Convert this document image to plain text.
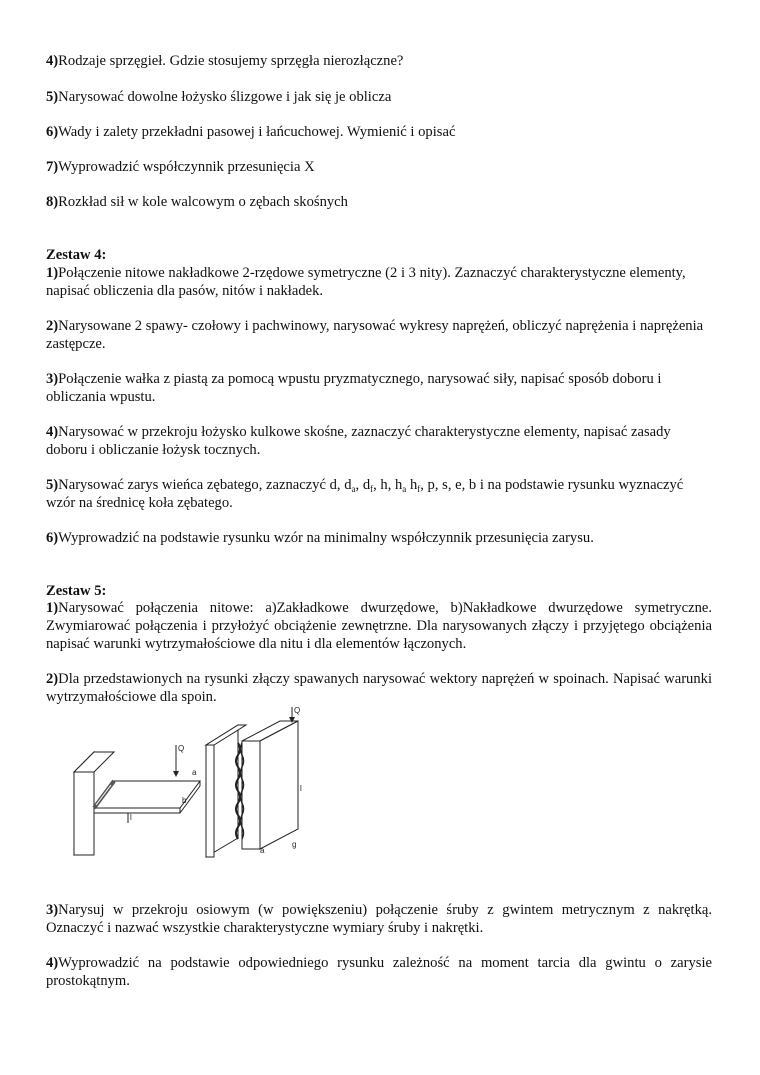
4)Rodzaje sprzęgieł. Gdzie stosujemy sprzęgła nierozłączne?

5)Narysować dowolne łożysko ślizgowe i jak się je oblicza

6)Wady i zalety przekładni pasowej i łańcuchowej. Wymienić i opisać

7)Wyprowadzić współczynnik przesunięcia X

8)Rozkład sił w kole walcowym o zębach skośnych

Zestaw 4:

1)Połączenie nitowe nakładkowe 2-rzędowe symetryczne (2 i 3 nity). Zaznaczyć charakterystyczne elementy, napisać obliczenia dla pasów, nitów i nakładek.

2)Narysowane 2 spawy- czołowy i pachwinowy, narysować wykresy naprężeń, obliczyć naprężenia i naprężenia zastępcze.

3)Połączenie wałka z piastą za pomocą wpustu pryzmatycznego, narysować siły, napisać sposób doboru i obliczania wpustu.

4)Narysować w przekroju łożysko kulkowe skośne, zaznaczyć charakterystyczne elementy, napisać zasady doboru i obliczanie łożysk tocznych.

5)Narysować zarys wieńca zębatego, zaznaczyć d, $d_a$, $d_f$, h, $h_a$ $h_f$, p, s, e, b i na podstawie rysunku wyznaczyć wzór na średnicę koła zębatego.

6)Wyprowadzić na podstawie rysunku wzór na minimalny współczynnik przesunięcia zarysu.

Zestaw 5:

1)Narysować połączenia nitowe: a)Zakładkowe dwurzędowe, b)Nakładkowe dwurzędowe symetryczne. Zwymiarować połączenia i przyłożyć obciążenie zewnętrzne. Dla narysowanych złączy i przyjętego obciążenia napisać warunki wytrzymałościowe dla nitu i dla elementów łączonych.

2)Dla przedstawionych na rysunki złączy spawanych narysować wektory naprężeń w spoinach. Napisać warunki wytrzymałościowe dla spoin.

3)Narysuj w przekroju osiowym (w powiększeniu) połączenie śruby z gwintem metrycznym z nakrętką. Oznaczyć i nazwać wszystkie charakterystyczne wymiary śruby i nakrętki.

4)Wyprowadzić na podstawie odpowiedniego rysunku zależność na moment tarcia dla gwintu o zarysie prostokątnym.

Q
a
b
l
Q
l
a
g
